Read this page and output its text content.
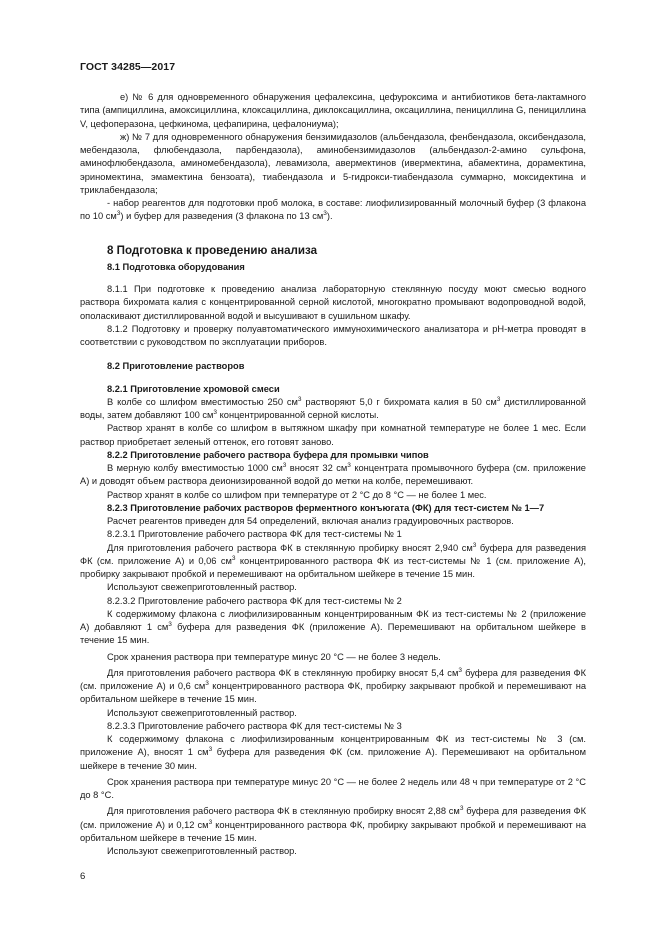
ГОСТ 34285—2017

е) № 6 для одновременного обнаружения цефалексина, цефуроксима и антибиотиков бета-лактамного типа (ампициллина, амоксициллина, клоксациллина, диклоксациллина, оксациллина, пенициллина G, пенициллина V, цефоперазона, цефкинома, цефапирина, цефалониума);

ж) № 7 для одновременного обнаружения бензимидазолов (альбендазола, фенбендазола, оксибендазола, мебендазола, флюбендазола, парбендазола), аминобензимидазолов (альбендазол-2-амино сульфона, аминофлюбендазола, аминомебендазола), левамизола, авермектинов (ивермектина, абамектина, дорамектина, эриномектина, эмамектина бензоата), тиабендазола и 5-гидрокси-тиабендазола суммарно, моксидектина и триклабендазола;

- набор реагентов для подготовки проб молока, в составе: лиофилизированный молочный буфер (3 флакона по 10 $см^3$) и буфер для разведения (3 флакона по 13 $см^3$).

8 Подготовка к проведению анализа

8.1 Подготовка оборудования

8.1.1 При подготовке к проведению анализа лабораторную стеклянную посуду моют смесью водного раствора бихромата калия с концентрированной серной кислотой, многократно промывают водопроводной водой, ополаскивают дистиллированной водой и высушивают в сушильном шкафу.

8.1.2 Подготовку и проверку полуавтоматического иммунохимического анализатора и рН-метра проводят в соответствии с руководством по эксплуатации приборов.

8.2 Приготовление растворов

8.2.1 Приготовление хромовой смеси

В колбе со шлифом вместимостью 250 $см^3$ растворяют 5,0 г бихромата калия в 50 $см^3$ дистиллированной воды, затем добавляют 100 $см^3$ концентрированной серной кислоты.

Раствор хранят в колбе со шлифом в вытяжном шкафу при комнатной температуре не более 1 мес. Если раствор приобретает зеленый оттенок, его готовят заново.

8.2.2 Приготовление рабочего раствора буфера для промывки чипов

В мерную колбу вместимостью 1000 $см^3$ вносят 32 $см^3$ концентрата промывочного буфера (см. приложение А) и доводят объем раствора деионизированной водой до метки на колбе, перемешивают.

Раствор хранят в колбе со шлифом при температуре от 2 °С до 8 °С — не более 1 мес.

8.2.3 Приготовление рабочих растворов ферментного конъюгата (ФК) для тест-систем № 1—7

Расчет реагентов приведен для 54 определений, включая анализ градуировочных растворов.

8.2.3.1 Приготовление рабочего раствора ФК для тест-системы № 1

Для приготовления рабочего раствора ФК в стеклянную пробирку вносят 2,940 $см^3$ буфера для разведения ФК (см. приложение А) и 0,06 $см^3$ концентрированного раствора ФК из тест-системы № 1 (см. приложение А), пробирку закрывают пробкой и перемешивают на орбитальном шейкере в течение 15 мин.

Используют свежеприготовленный раствор.

8.2.3.2 Приготовление рабочего раствора ФК для тест-системы № 2

К содержимому флакона с лиофилизированным концентрированным ФК из тест-системы № 2 (приложение А) добавляют 1 $см^3$ буфера для разведения ФК (приложение А). Перемешивают на орбитальном шейкере в течение 15 мин.

Срок хранения раствора при температуре минус 20 °С — не более 3 недель.

Для приготовления рабочего раствора ФК в стеклянную пробирку вносят 5,4 $см^3$ буфера для разведения ФК (см. приложение А) и 0,6 $см^3$ концентрированного раствора ФК, пробирку закрывают пробкой и перемешивают на орбитальном шейкере в течение 15 мин.

Используют свежеприготовленный раствор.

8.2.3.3 Приготовление рабочего раствора ФК для тест-системы № 3

К содержимому флакона с лиофилизированным концентрированным ФК из тест-системы № 3 (см. приложение А), вносят 1 $см^3$ буфера для разведения ФК (см. приложение А). Перемешивают на орбитальном шейкере в течение 30 мин.

Срок хранения раствора при температуре минус 20 °С — не более 2 недель или 48 ч при температуре от 2 °С до 8 °С.

Для приготовления рабочего раствора ФК в стеклянную пробирку вносят 2,88 $см^3$ буфера для разведения ФК (см. приложение А) и 0,12 $см^3$ концентрированного раствора ФК, пробирку закрывают пробкой и перемешивают на орбитальном шейкере в течение 15 мин.

Используют свежеприготовленный раствор.

6
